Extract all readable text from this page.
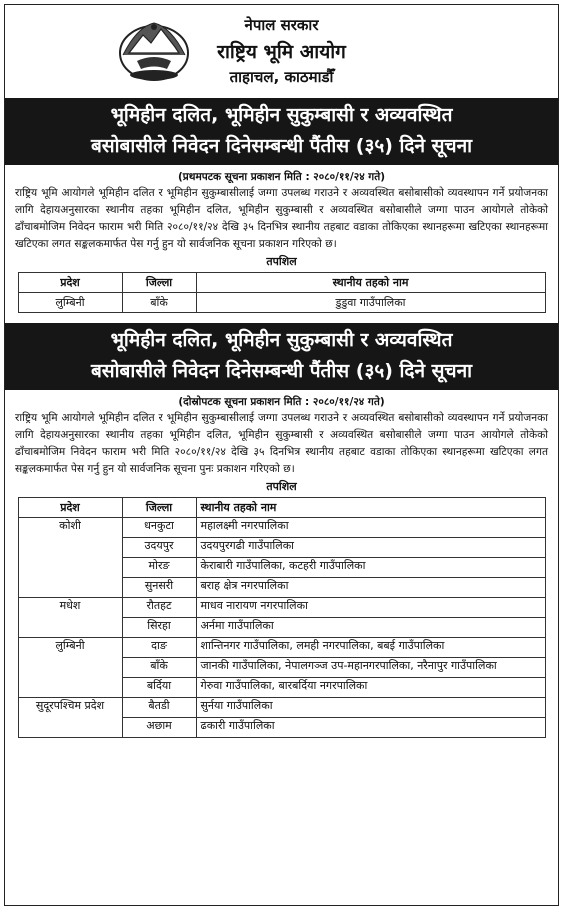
नेपाल सरकार
राष्ट्रिय भूमि आयोग
ताहाचल, काठमाडौँ
भूमिहीन दलित, भूमिहीन सुकुम्बासी र अव्यवस्थित
बसोबासीले निवेदन दिनेसम्बन्धी पैंतीस (३५) दिने सूचना
(प्रथमपटक सूचना प्रकाशन मिति : २०८०/११/२४ गते)
राष्ट्रिय भूमि आयोगले भूमिहीन दलित र भूमिहीन सुकुम्बासीलाई जग्गा उपलब्ध गराउने र अव्यवस्थित बसोबासीको व्यवस्थापन गर्ने प्रयोजनका लागि देहायअनुसारका स्थानीय तहका भूमिहीन दलित, भूमिहीन सुकुम्बासी र अव्यवस्थित बसोबासीले जग्गा पाउन आयोगले तोकेको ढाँचाबमोजिम निवेदन फाराम भरी मिति २०८०/११/२४ देखि ३५ दिनभित्र स्थानीय तहबाट वडाका तोकिएका स्थानहरूमा खटिएका स्थानहरूमा खटिएका लगत सङ्कलकमार्फत पेस गर्नु हुन यो सार्वजनिक सूचना प्रकाशन गरिएको छ।
तपशिल
प्रदेश	जिल्ला	स्थानीय तहको नाम
लुम्बिनी	बाँके	डुडुवा गाउँपालिका
भूमिहीन दलित, भूमिहीन सुकुम्बासी र अव्यवस्थित
बसोबासीले निवेदन दिनेसम्बन्धी पैंतीस (३५) दिने सूचना
(दोस्रोपटक सूचना प्रकाशन मिति : २०८०/११/२४ गते)
राष्ट्रिय भूमि आयोगले भूमिहीन दलित र भूमिहीन सुकुम्बासीलाई जग्गा उपलब्ध गराउने र अव्यवस्थित बसोबासीको व्यवस्थापन गर्ने प्रयोजनका लागि देहायअनुसारका स्थानीय तहका भूमिहीन दलित, भूमिहीन सुकुम्बासी र अव्यवस्थित बसोबासीले जग्गा पाउन आयोगले तोकेको ढाँचाबमोजिम निवेदन फाराम भरी मिति २०८०/११/२४ देखि ३५ दिनभित्र स्थानीय तहबाट वडाका तोकिएका स्थानहरूमा खटिएका लगत सङ्कलकमार्फत पेस गर्नु हुन यो सार्वजनिक सूचना पुनः प्रकाशन गरिएको छ।
तपशिल
प्रदेश	जिल्ला	स्थानीय तहको नाम
कोशी	धनकुटा	महालक्ष्मी नगरपालिका
	उदयपुर	उदयपुरगढी गाउँपालिका
	मोरङ	केराबारी गाउँपालिका, कटहरी गाउँपालिका
	सुनसरी	बराह क्षेत्र नगरपालिका
मधेश	रौतहट	माधव नारायण नगरपालिका
	सिरहा	अर्नमा गाउँपालिका
लुम्बिनी	दाङ	शान्तिनगर गाउँपालिका, लमही नगरपालिका, बबई गाउँपालिका
	बाँके	जानकी गाउँपालिका, नेपालगञ्ज उप-महानगरपालिका, नरैनापुर गाउँपालिका
	बर्दिया	गेरुवा गाउँपालिका, बारबर्दिया नगरपालिका
सुदूरपश्चिम प्रदेश	बैतडी	सुर्नया गाउँपालिका
	अछाम	ढकारी गाउँपालिका
